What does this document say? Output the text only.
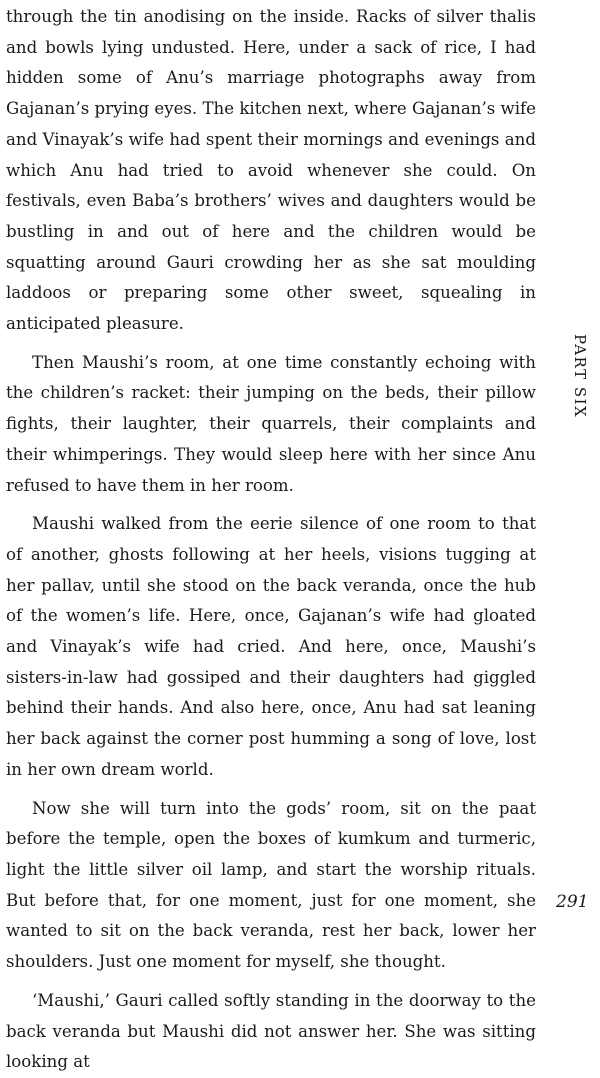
through the tin anodising on the inside. Racks of silver thalis and bowls lying undusted. Here, under a sack of rice, I had hidden some of Anu’s marriage photographs away from Gajanan’s prying eyes. The kitchen next, where Gajanan’s wife and Vinayak’s wife had spent their mornings and evenings and which Anu had tried to avoid whenever she could. On festivals, even Baba’s brothers’ wives and daughters would be bustling in and out of here and the children would be squatting around Gauri crowding her as she sat moulding laddoos or preparing some other sweet, squealing in anticipated pleasure.

Then Maushi’s room, at one time constantly echoing with the children’s racket: their jumping on the beds, their pillow fights, their laughter, their quarrels, their complaints and their whimperings. They would sleep here with her since Anu refused to have them in her room.

Maushi walked from the eerie silence of one room to that of another, ghosts following at her heels, visions tugging at her pallav, until she stood on the back veranda, once the hub of the women’s life. Here, once, Gajanan’s wife had gloated and Vinayak’s wife had cried. And here, once, Maushi’s sisters-in-law had gossiped and their daughters had giggled behind their hands. And also here, once, Anu had sat leaning her back against the corner post humming a song of love, lost in her own dream world.

Now she will turn into the gods’ room, sit on the paat before the temple, open the boxes of kumkum and turmeric, light the little silver oil lamp, and start the worship rituals. But before that, for one moment, just for one moment, she wanted to sit on the back veranda, rest her back, lower her shoulders. Just one moment for myself, she thought.

‘Maushi,’ Gauri called softly standing in the doorway to the back veranda but Maushi did not answer her. She was sitting looking at

PART SIX
291
